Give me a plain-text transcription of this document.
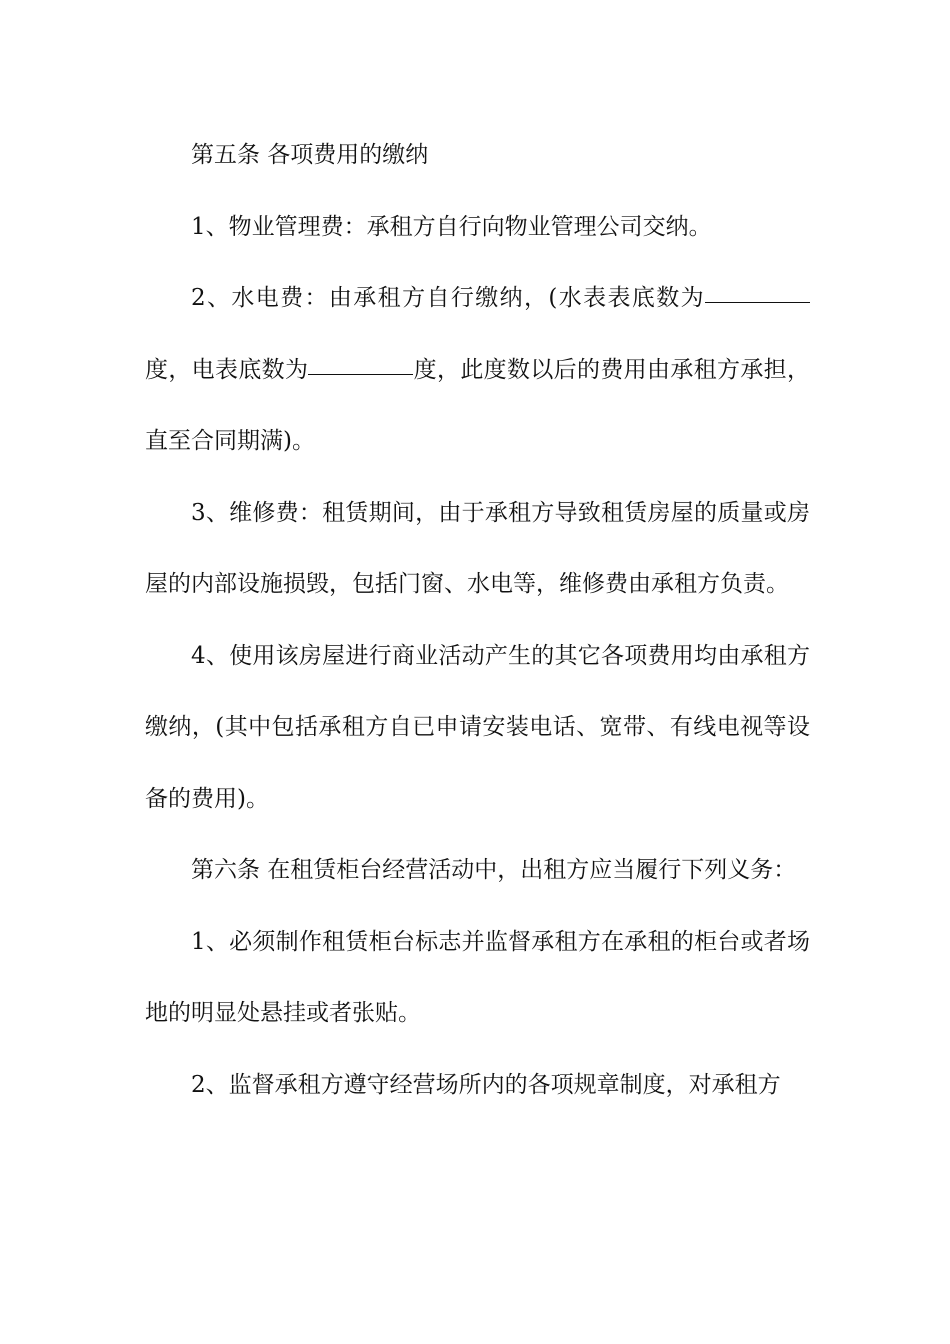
第五条 各项费用的缴纳

1、物业管理费：承租方自行向物业管理公司交纳。

2、水电费：由承租方自行缴纳，(水表表底数为度，电表底数为	度，此度数以后的费用由承租方承担，直至合同期满)。

3、维修费：租赁期间，由于承租方导致租赁房屋的质量或房屋的内部设施损毁，包括门窗、水电等，维修费由承租方负责。

4、使用该房屋进行商业活动产生的其它各项费用均由承租方缴纳，(其中包括承租方自已申请安装电话、宽带、有线电视等设备的费用)。

第六条 在租赁柜台经营活动中，出租方应当履行下列义务：

1、必须制作租赁柜台标志并监督承租方在承租的柜台或者场地的明显处悬挂或者张贴。

2、监督承租方遵守经营场所内的各项规章制度，对承租方
